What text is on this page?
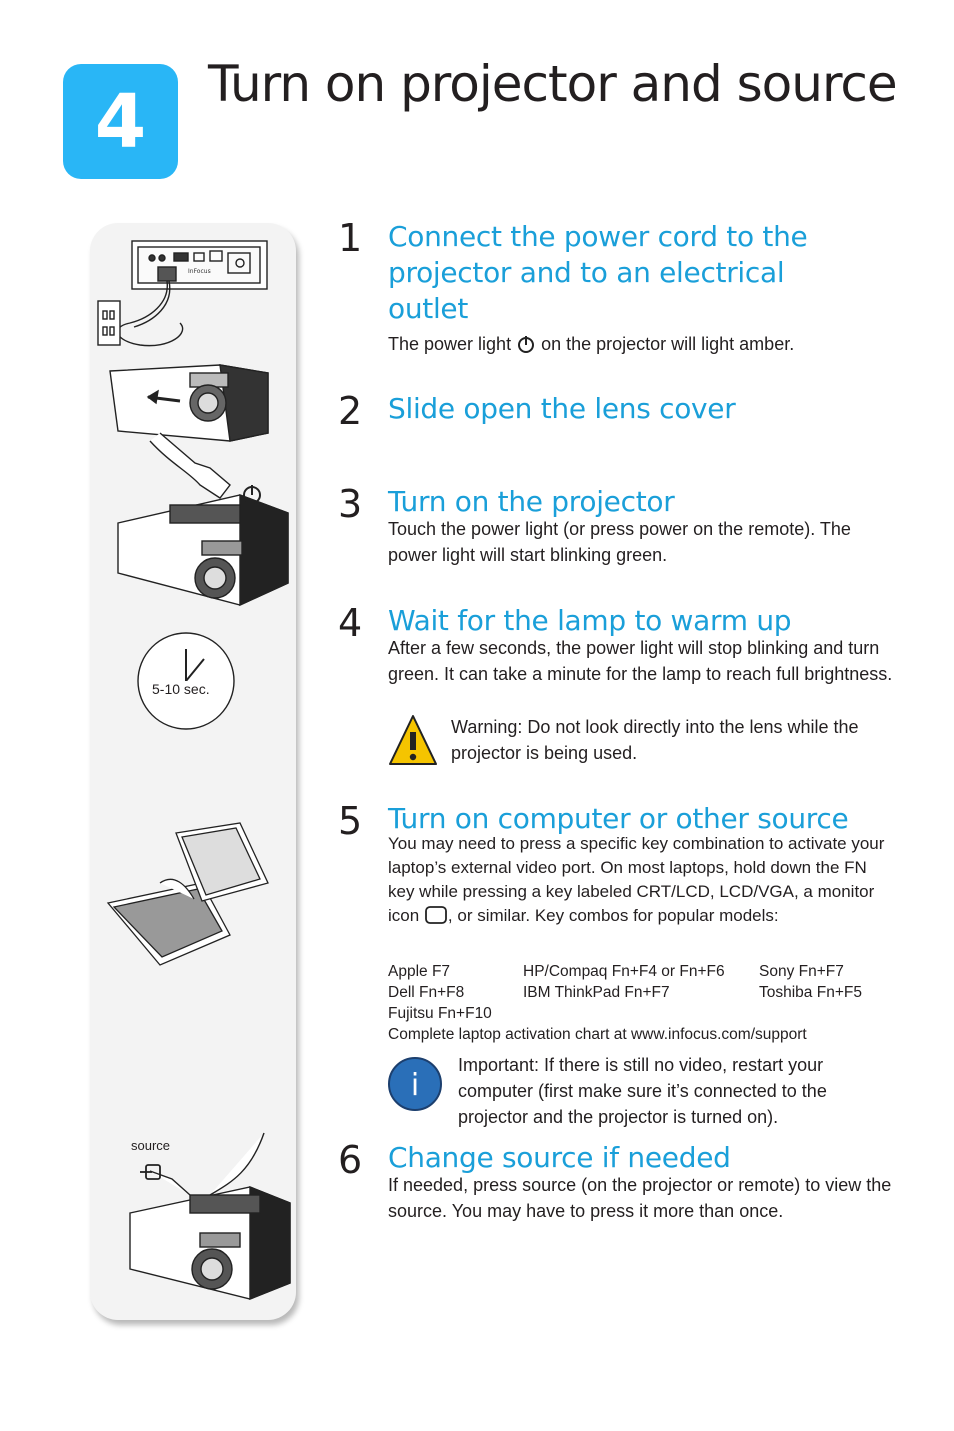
4	Turn on projector and source
InFocus
5-10 sec.
source
1 Connect the power cord to the projector and to an electrical outlet

The power light  on the projector will light amber.

2 Slide open the lens cover
3 Turn on the projector

Touch the power light (or press power on the remote). The power light will start blinking green.

4 Wait for the lamp to warm up

After a few seconds, the power light will stop blinking and turn green. It can take a minute for the lamp to reach full brightness.

Warning: Do not look directly into the lens while the projector is being used.
5 Turn on computer or other source

You may need to press a specific key combination to activate your laptop’s external video port. On most laptops, hold down the FN key while pressing a key labeled CRT/LCD, LCD/VGA, a monitor icon , or similar. Key combos for popular models:

Apple F7
Dell Fn+F8
Fujitsu Fn+F10
HP/Compaq Fn+F4 or Fn+F6
IBM ThinkPad Fn+F7
Sony Fn+F7
Toshiba Fn+F5
Complete laptop activation chart at www.infocus.com/support
i
Important: If there is still no video, restart your computer (first make sure it’s connected to the projector and the projector is turned on).
6 Change source if needed

If needed, press source (on the projector or remote) to view the source. You may have to press it more than once.
